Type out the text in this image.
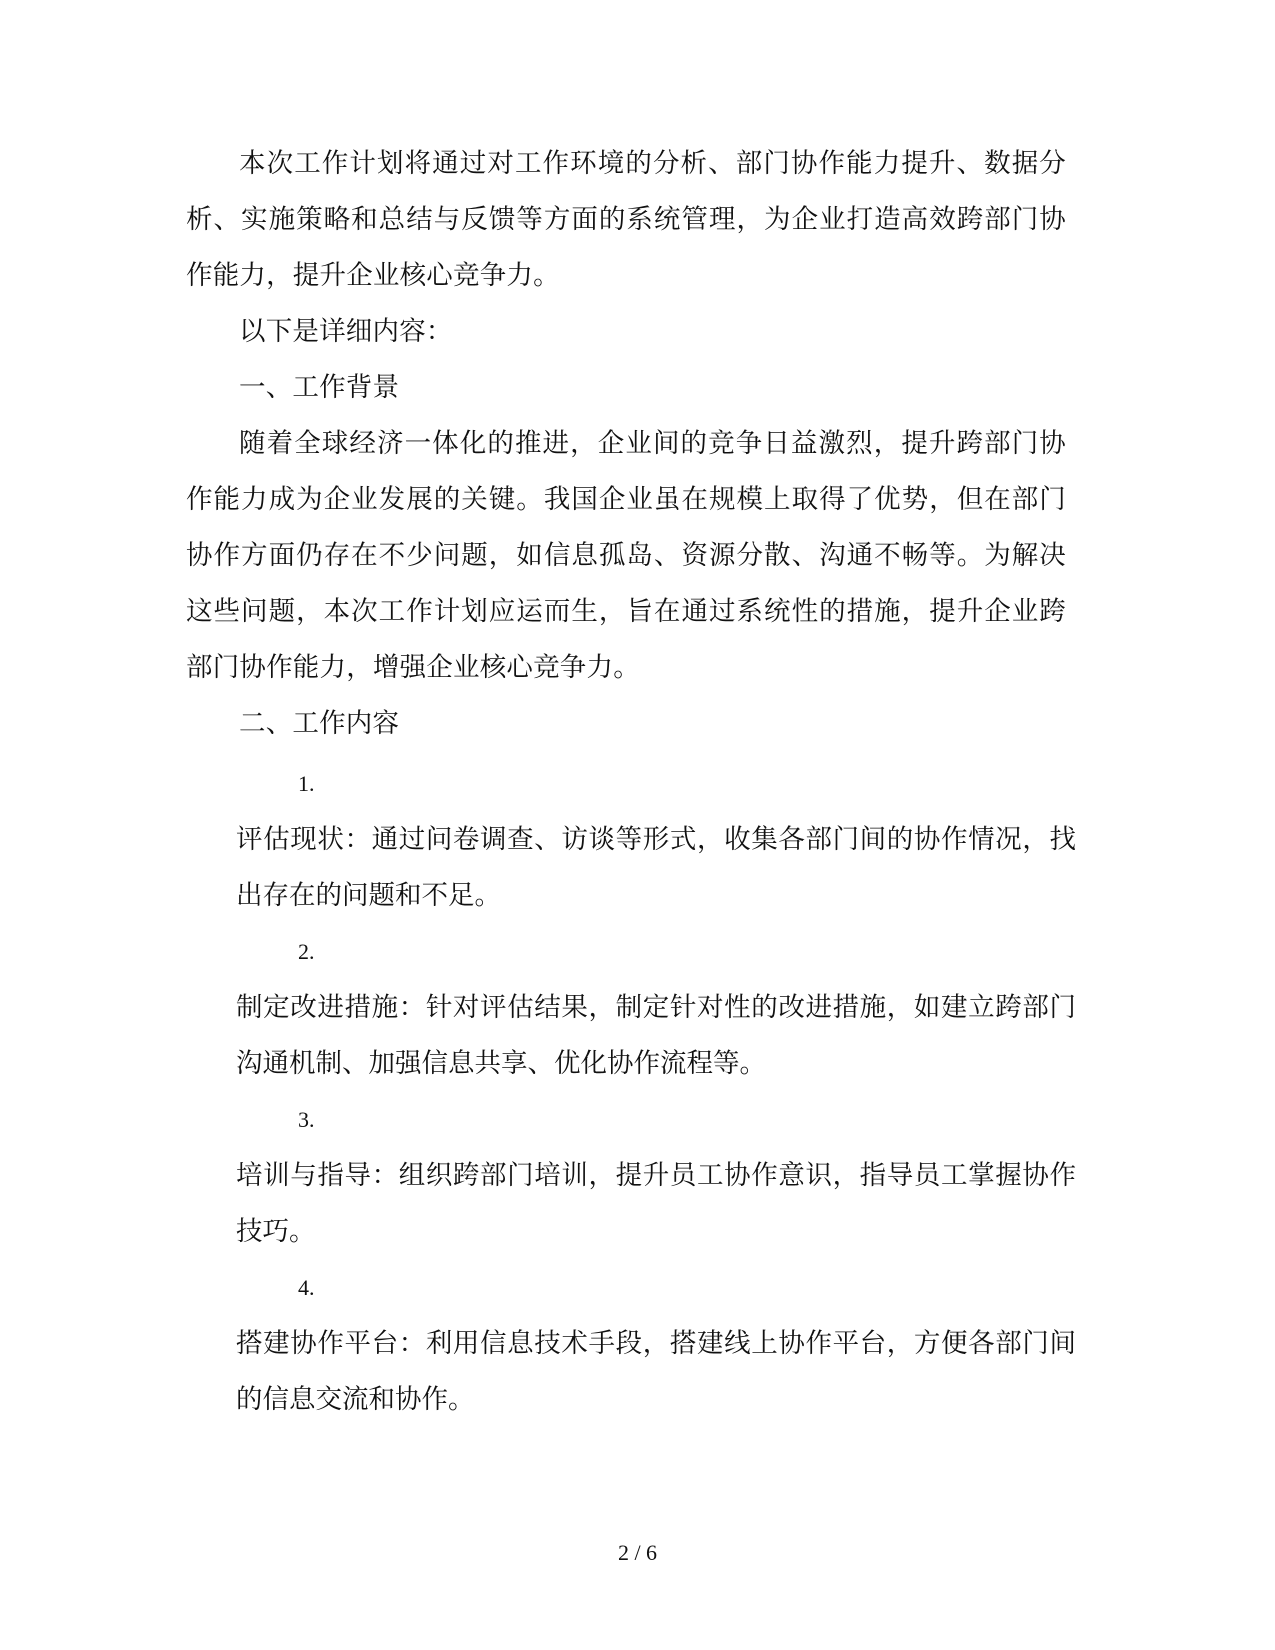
本次工作计划将通过对工作环境的分析、部门协作能力提升、数据分析、实施策略和总结与反馈等方面的系统管理，为企业打造高效跨部门协作能力，提升企业核心竞争力。

以下是详细内容：

一、工作背景

随着全球经济一体化的推进，企业间的竞争日益激烈，提升跨部门协作能力成为企业发展的关键。我国企业虽在规模上取得了优势，但在部门协作方面仍存在不少问题，如信息孤岛、资源分散、沟通不畅等。为解决这些问题，本次工作计划应运而生，旨在通过系统性的措施，提升企业跨部门协作能力，增强企业核心竞争力。

二、工作内容

1.

评估现状：通过问卷调查、访谈等形式，收集各部门间的协作情况，找出存在的问题和不足。

2.

制定改进措施：针对评估结果，制定针对性的改进措施，如建立跨部门沟通机制、加强信息共享、优化协作流程等。

3.

培训与指导：组织跨部门培训，提升员工协作意识，指导员工掌握协作技巧。

4.

搭建协作平台：利用信息技术手段，搭建线上协作平台，方便各部门间的信息交流和协作。

2 / 6
